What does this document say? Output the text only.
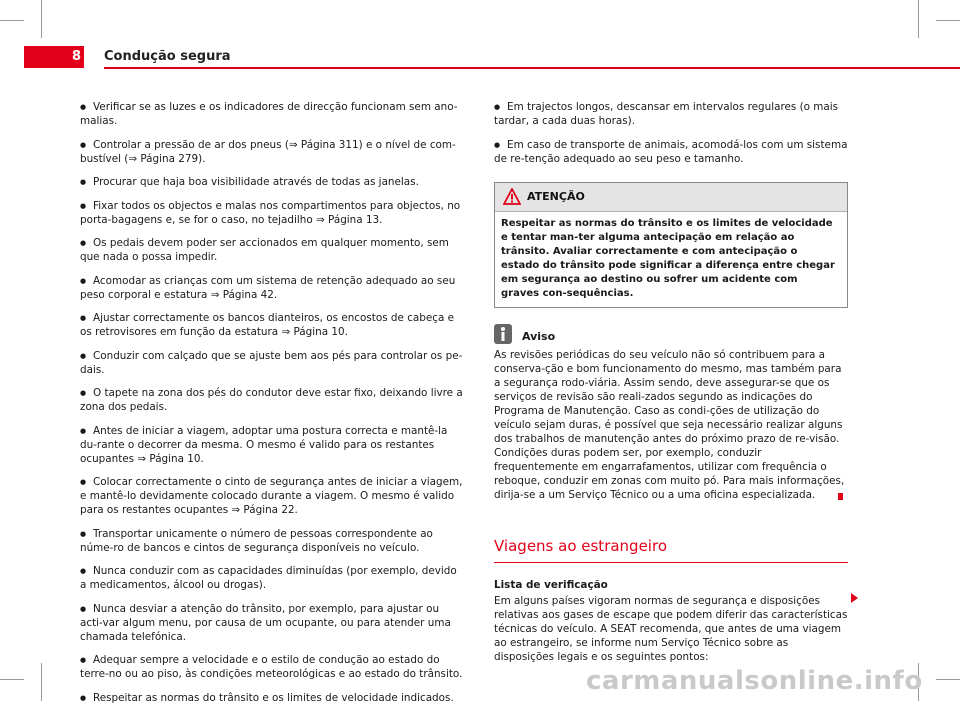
8 Condução segura

● Verificar se as luzes e os indicadores de direcção funcionam sem ano-malias.

● Controlar a pressão de ar dos pneus (⇒ Página 311) e o nível de com-bustível (⇒ Página 279).

● Procurar que haja boa visibilidade através de todas as janelas.

● Fixar todos os objectos e malas nos compartimentos para objectos, no porta-bagagens e, se for o caso, no tejadilho ⇒ Página 13.

● Os pedais devem poder ser accionados em qualquer momento, sem que nada o possa impedir.

● Acomodar as crianças com um sistema de retenção adequado ao seu peso corporal e estatura ⇒ Página 42.

● Ajustar correctamente os bancos dianteiros, os encostos de cabeça e os retrovisores em função da estatura ⇒ Página 10.

● Conduzir com calçado que se ajuste bem aos pés para controlar os pe-dais.

● O tapete na zona dos pés do condutor deve estar fixo, deixando livre a zona dos pedais.

● Antes de iniciar a viagem, adoptar uma postura correcta e mantê-la du-rante o decorrer da mesma. O mesmo é valido para os restantes ocupantes ⇒ Página 10.

● Colocar correctamente o cinto de segurança antes de iniciar a viagem, e mantê-lo devidamente colocado durante a viagem. O mesmo é valido para os restantes ocupantes ⇒ Página 22.

● Transportar unicamente o número de pessoas correspondente ao núme-ro de bancos e cintos de segurança disponíveis no veículo.

● Nunca conduzir com as capacidades diminuídas (por exemplo, devido a medicamentos, álcool ou drogas).

● Nunca desviar a atenção do trânsito, por exemplo, para ajustar ou acti-var algum menu, por causa de um ocupante, ou para atender uma chamada telefónica.

● Adequar sempre a velocidade e o estilo de condução ao estado do terre-no ou ao piso, às condições meteorológicas e ao estado do trânsito.

● Respeitar as normas do trânsito e os limites de velocidade indicados.

● Em trajectos longos, descansar em intervalos regulares (o mais tardar, a cada duas horas).

● Em caso de transporte de animais, acomodá-los com um sistema de re-tenção adequado ao seu peso e tamanho.

ATENÇÃO
Respeitar as normas do trânsito e os limites de velocidade e tentar man-ter alguma antecipação em relação ao trânsito. Avaliar correctamente e com antecipação o estado do trânsito pode significar a diferença entre chegar em segurança ao destino ou sofrer um acidente com graves con-sequências.
Aviso

As revisões periódicas do seu veículo não só contribuem para a conserva-ção e bom funcionamento do mesmo, mas também para a segurança rodo-viária. Assim sendo, deve assegurar-se que os serviços de revisão são reali-zados segundo as indicações do Programa de Manutenção. Caso as condi-ções de utilização do veículo sejam duras, é possível que seja necessário realizar alguns dos trabalhos de manutenção antes do próximo prazo de re-visão. Condições duras podem ser, por exemplo, conduzir frequentemente em engarrafamentos, utilizar com frequência o reboque, conduzir em zonas com muito pó. Para mais informações, dirija-se a um Serviço Técnico ou a uma oficina especializada.

Viagens ao estrangeiro
Lista de verificação

Em alguns países vigoram normas de segurança e disposições relativas aos gases de escape que podem diferir das características técnicas do veículo. A SEAT recomenda, que antes de uma viagem ao estrangeiro, se informe num Serviço Técnico sobre as disposições legais e os seguintes pontos:

carmanualsonline.info
